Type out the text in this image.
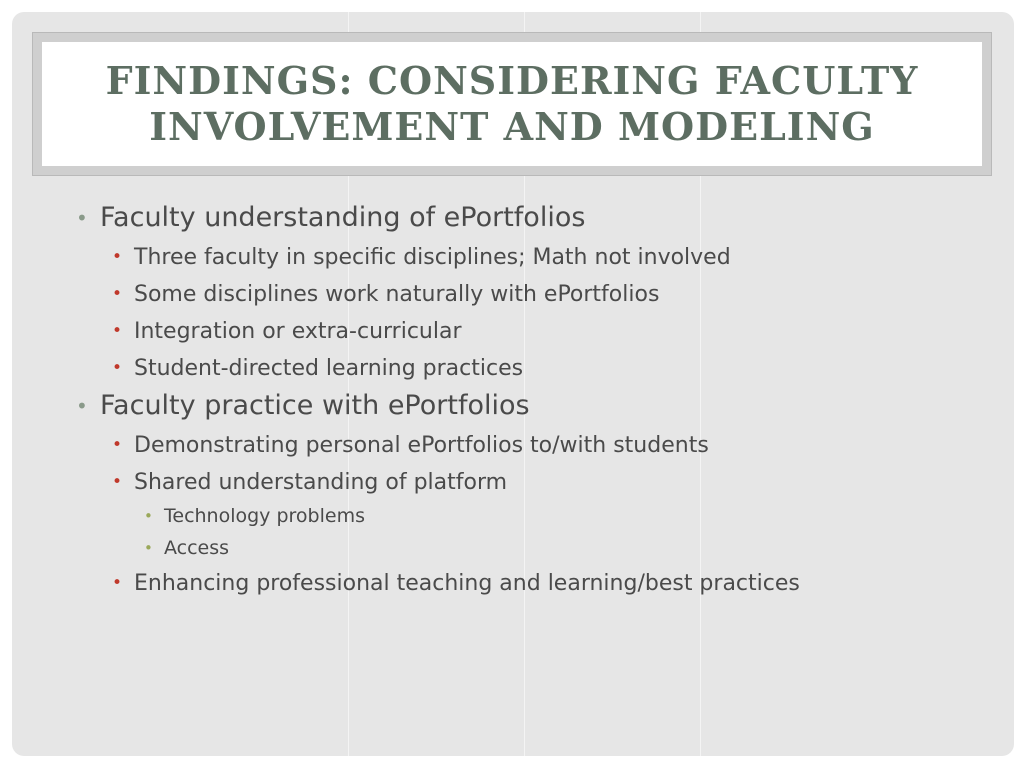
FINDINGS: CONSIDERING FACULTY
INVOLVEMENT AND MODELING
• Faculty understanding of ePortfolios
• Three faculty in specific disciplines; Math not involved
• Some disciplines work naturally with ePortfolios
• Integration or extra-curricular
• Student-directed learning practices
• Faculty practice with ePortfolios
• Demonstrating personal ePortfolios to/with students
• Shared understanding of platform
• Technology problems
• Access
• Enhancing professional teaching and learning/best practices
